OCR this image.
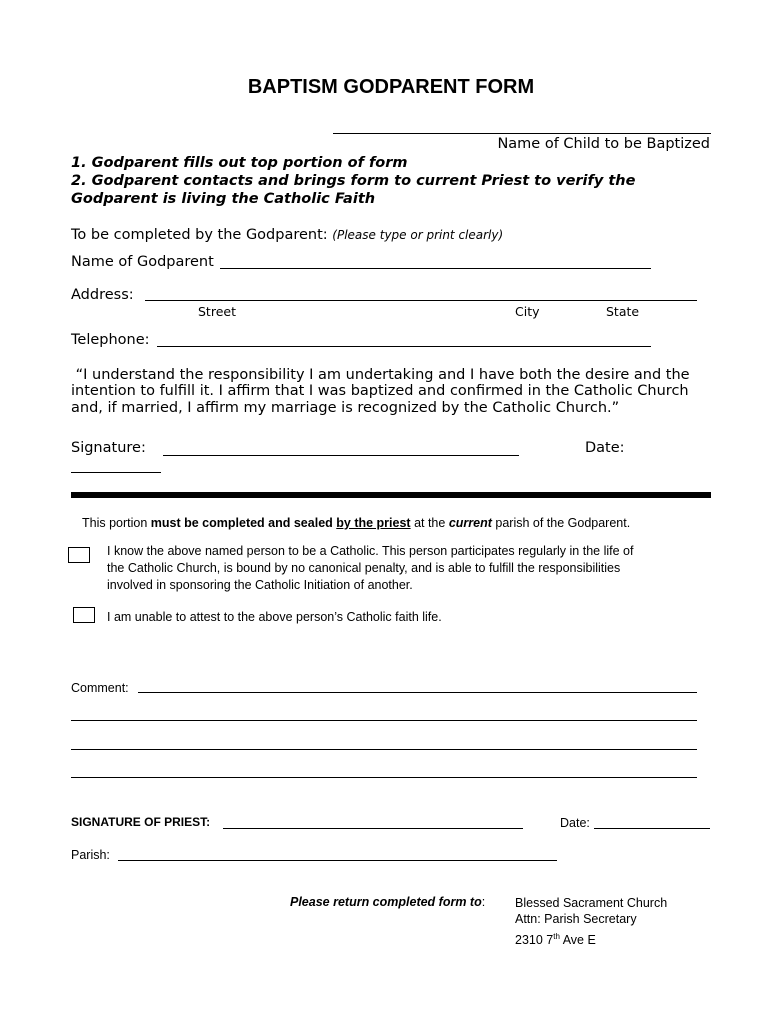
BAPTISM GODPARENT FORM
Name of Child to be Baptized
1. Godparent fills out top portion of form
2. Godparent contacts and brings form to current Priest to verify the
Godparent is living the Catholic Faith
To be completed by the Godparent: (Please type or print clearly)
Name of Godparent
Address:
Street	City	State
Telephone:
“I understand the responsibility I am undertaking and I have both the desire and the
intention to fulfill it. I affirm that I was baptized and confirmed in the Catholic Church
and, if married, I affirm my marriage is recognized by the Catholic Church.”
Signature:	Date:
This portion must be completed and sealed by the priest at the current parish of the Godparent.
I know the above named person to be a Catholic. This person participates regularly in the life of
the Catholic Church, is bound by no canonical penalty, and is able to fulfill the responsibilities
involved in sponsoring the Catholic Initiation of another.
I am unable to attest to the above person’s Catholic faith life.
Comment:
SIGNATURE OF PRIEST:	Date:
Parish:
Please return completed form to: Blessed Sacrament Church
Attn: Parish Secretary
2310 7th Ave E
